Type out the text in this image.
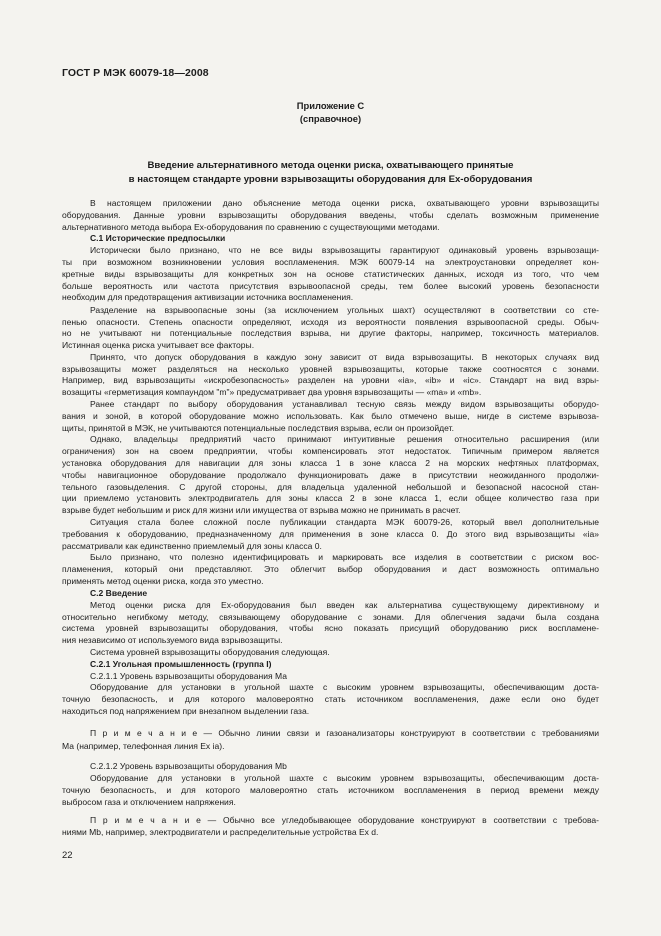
ГОСТ Р МЭК 60079-18—2008
Приложение С
(справочное)
Введение альтернативного метода оценки риска, охватывающего принятые
в настоящем стандарте уровни взрывозащиты оборудования для Ех-оборудования
В настоящем приложении дано объяснение метода оценки риска, охватывающего уровни взрывозащиты
оборудования. Данные уровни взрывозащиты оборудования введены, чтобы сделать возможным применение
альтернативного метода выбора Ех-оборудования по сравнению с существующими методами.
С.1 Исторические предпосылки
Исторически было признано, что не все виды взрывозащиты гарантируют одинаковый уровень взрывозащи-
ты при возможном возникновении условия воспламенения. МЭК 60079-14 на электроустановки определяет кон-
кретные виды взрывозащиты для конкретных зон на основе статистических данных, исходя из того, что чем
больше вероятность или частота присутствия взрывоопасной среды, тем более высокий уровень безопасности
необходим для предотвращения активизации источника воспламенения.
Разделение на взрывоопасные зоны (за исключением угольных шахт) осуществляют в соответствии со сте-
пенью опасности. Степень опасности определяют, исходя из вероятности появления взрывоопасной среды. Обыч-
но не учитывают ни потенциальные последствия взрыва, ни другие факторы, например, токсичность материалов.
Истинная оценка риска учитывает все факторы.
Принято, что допуск оборудования в каждую зону зависит от вида взрывозащиты. В некоторых случаях вид
взрывозащиты может разделяться на несколько уровней взрывозащиты, которые также соотносятся с зонами.
Например, вид взрывозащиты «искробезопасность» разделен на уровни «ia», «ib» и «ic». Стандарт на вид взры-
возащиты «герметизация компаундом "m"» предусматривает два уровня взрывозащиты — «ma» и «mb».
Ранее стандарт по выбору оборудования устанавливал тесную связь между видом взрывозащиты оборудо-
вания и зоной, в которой оборудование можно использовать. Как было отмечено выше, нигде в системе взрывоза-
щиты, принятой в МЭК, не учитываются потенциальные последствия взрыва, если он произойдет.
Однако, владельцы предприятий часто принимают интуитивные решения относительно расширения (или
ограничения) зон на своем предприятии, чтобы компенсировать этот недостаток. Типичным примером является
установка оборудования для навигации для зоны класса 1 в зоне класса 2 на морских нефтяных платформах,
чтобы навигационное оборудование продолжало функционировать даже в присутствии неожиданного продолжи-
тельного газовыделения. С другой стороны, для владельца удаленной небольшой и безопасной насосной стан-
ции приемлемо установить электродвигатель для зоны класса 2 в зоне класса 1, если общее количество газа при
взрыве будет небольшим и риск для жизни или имущества от взрыва можно не принимать в расчет.
Ситуация стала более сложной после публикации стандарта МЭК 60079-26, который ввел дополнительные
требования к оборудованию, предназначенному для применения в зоне класса 0. До этого вид взрывозащиты «ia»
рассматривали как единственно приемлемый для зоны класса 0.
Было признано, что полезно идентифицировать и маркировать все изделия в соответствии с риском вос-
пламенения, который они представляют. Это облегчит выбор оборудования и даст возможность оптимально
применять метод оценки риска, когда это уместно.
С.2 Введение
Метод оценки риска для Ех-оборудования был введен как альтернатива существующему директивному и
относительно негибкому методу, связывающему оборудование с зонами. Для облегчения задачи была создана
система уровней взрывозащиты оборудования, чтобы ясно показать присущий оборудованию риск воспламене-
ния независимо от используемого вида взрывозащиты.
Система уровней взрывозащиты оборудования следующая.
С.2.1 Угольная промышленность (группа I)
С.2.1.1 Уровень взрывозащиты оборудования Ма
Оборудование для установки в угольной шахте с высоким уровнем взрывозащиты, обеспечивающим доста-
точную безопасность, и для которого маловероятно стать источником воспламенения, даже если оно будет
находиться под напряжением при внезапном выделении газа.
П р и м е ч а н и е — Обычно линии связи и газоанализаторы конструируют в соответствии с требованиями
Ма (например, телефонная линия Ех ia).
С.2.1.2 Уровень взрывозащиты оборудования Mb
Оборудование для установки в угольной шахте с высоким уровнем взрывозащиты, обеспечивающим доста-
точную безопасность, и для которого маловероятно стать источником воспламенения в период времени между
выбросом газа и отключением напряжения.
П р и м е ч а н и е — Обычно все угледобывающее оборудование конструируют в соответствии с требова-
ниями Mb, например, электродвигатели и распределительные устройства Ex d.
22
